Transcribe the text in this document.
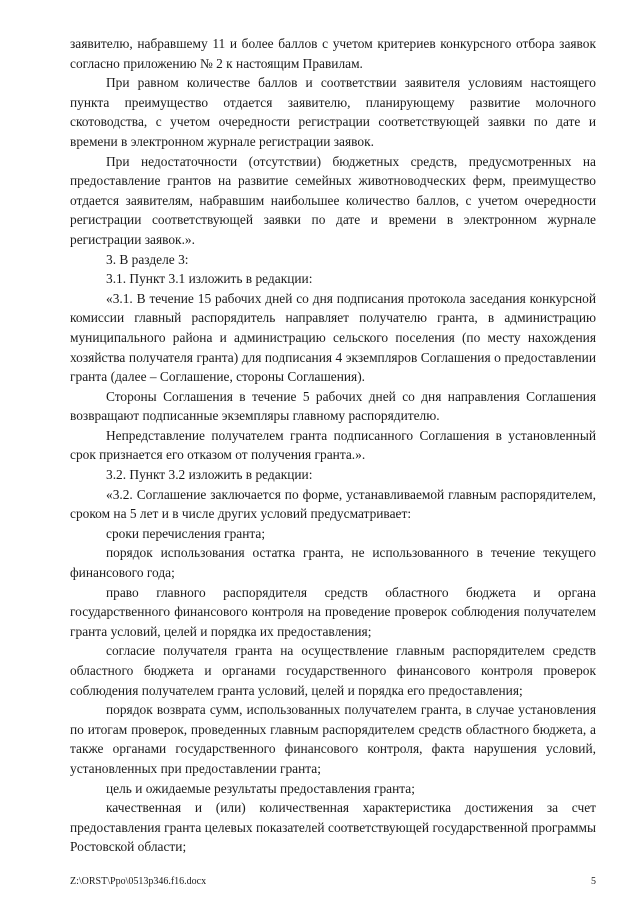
заявителю, набравшему 11 и более баллов с учетом критериев конкурсного отбора заявок согласно приложению № 2 к настоящим Правилам.

При равном количестве баллов и соответствии заявителя условиям настоящего пункта преимущество отдается заявителю, планирующему развитие молочного скотоводства, с учетом очередности регистрации соответствующей заявки по дате и времени в электронном журнале регистрации заявок.

При недостаточности (отсутствии) бюджетных средств, предусмотренных на предоставление грантов на развитие семейных животноводческих ферм, преимущество отдается заявителям, набравшим наибольшее количество баллов, с учетом очередности регистрации соответствующей заявки по дате и времени в электронном журнале регистрации заявок.».

3. В разделе 3:

3.1. Пункт 3.1 изложить в редакции:

«3.1. В течение 15 рабочих дней со дня подписания протокола заседания конкурсной комиссии главный распорядитель направляет получателю гранта, в администрацию муниципального района и администрацию сельского поселения (по месту нахождения хозяйства получателя гранта) для подписания 4 экземпляров Соглашения о предоставлении гранта (далее – Соглашение, стороны Соглашения).

Стороны Соглашения в течение 5 рабочих дней со дня направления Соглашения возвращают подписанные экземпляры главному распорядителю.

Непредставление получателем гранта подписанного Соглашения в установленный срок признается его отказом от получения гранта.».

3.2. Пункт 3.2 изложить в редакции:

«3.2. Соглашение заключается по форме, устанавливаемой главным распорядителем, сроком на 5 лет и в числе других условий предусматривает:

сроки перечисления гранта;

порядок использования остатка гранта, не использованного в течение текущего финансового года;

право главного распорядителя средств областного бюджета и органа государственного финансового контроля на проведение проверок соблюдения получателем гранта условий, целей и порядка их предоставления;

согласие получателя гранта на осуществление главным распорядителем средств областного бюджета и органами государственного финансового контроля проверок соблюдения получателем гранта условий, целей и порядка его предоставления;

порядок возврата сумм, использованных получателем гранта, в случае установления по итогам проверок, проведенных главным распорядителем средств областного бюджета, а также органами государственного финансового контроля, факта нарушения условий, установленных при предоставлении гранта;

цель и ожидаемые результаты предоставления гранта;

качественная и (или) количественная характеристика достижения за счет предоставления гранта целевых показателей соответствующей государственной программы Ростовской области;

Z:\ORST\Ppo\0513p346.f16.docx	5
